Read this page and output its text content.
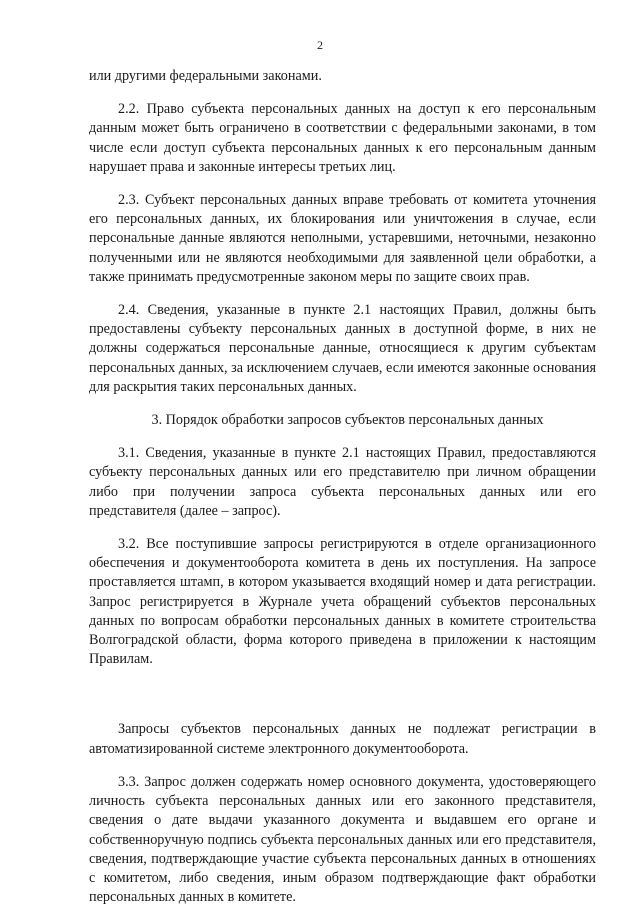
2

или другими федеральными законами.

2.2. Право субъекта персональных данных на доступ к его персональным данным может быть ограничено в соответствии с федеральными законами, в том числе если доступ субъекта персональных данных к его персональным данным нарушает права и законные интересы третьих лиц.

2.3. Субъект персональных данных вправе требовать от комитета уточнения его персональных данных, их блокирования или уничтожения в случае, если персональные данные являются неполными, устаревшими, неточными, незаконно полученными или не являются необходимыми для заявленной цели обработки, а также принимать предусмотренные законом меры по защите своих прав.

2.4. Сведения, указанные в пункте 2.1 настоящих Правил, должны быть предоставлены субъекту персональных данных в доступной форме, в них не должны содержаться персональные данные, относящиеся к другим субъектам персональных данных, за исключением случаев, если имеются законные основания для раскрытия таких персональных данных.

3. Порядок обработки запросов субъектов персональных данных

3.1. Сведения, указанные в пункте 2.1 настоящих Правил, предоставляются субъекту персональных данных или его представителю при личном обращении либо при получении запроса субъекта персональных данных или его представителя (далее – запрос).

3.2. Все поступившие запросы регистрируются в отделе организационного обеспечения и документооборота комитета в день их поступления. На запросе проставляется штамп, в котором указывается входящий номер и дата регистрации. Запрос регистрируется в Журнале учета обращений субъектов персональных данных по вопросам обработки персональных данных в комитете строительства Волгоградской области, форма которого приведена в приложении к настоящим Правилам.

Запросы субъектов персональных данных не подлежат регистрации в автоматизированной системе электронного документооборота.

3.3. Запрос должен содержать номер основного документа, удостоверяющего личность субъекта персональных данных или его законного представителя, сведения о дате выдачи указанного документа и выдавшем его органе и собственноручную подпись субъекта персональных данных или его представителя, сведения, подтверждающие участие субъекта персональных данных в отношениях с комитетом, либо сведения, иным образом подтверждающие факт обработки персональных данных в комитете.
